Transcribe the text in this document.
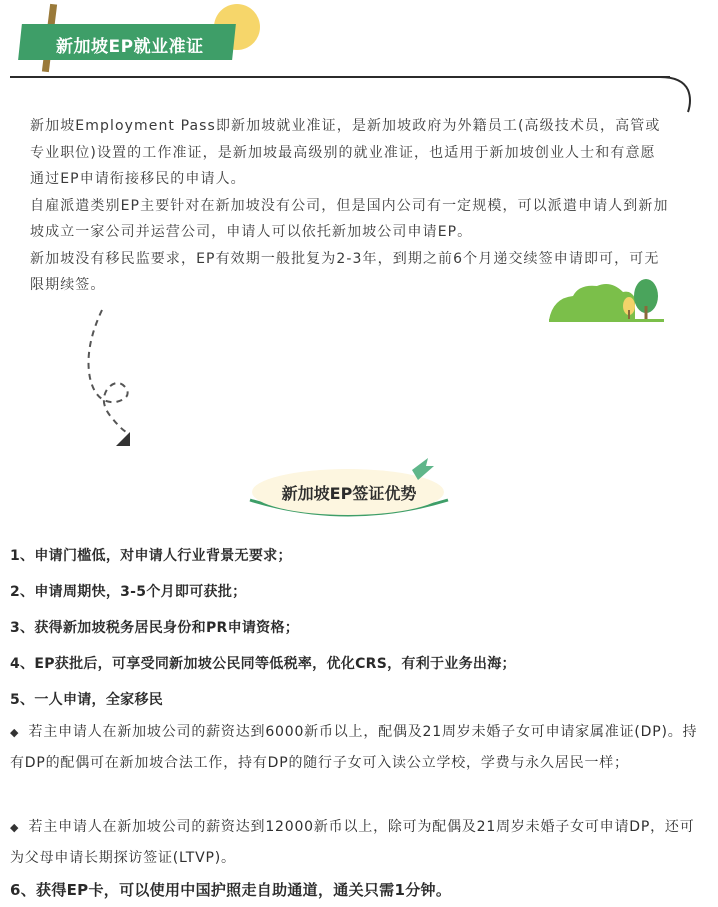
新加坡EP就业准证

新加坡Employment Pass即新加坡就业准证，是新加坡政府为外籍员工(高级技术员，高管或专业职位)设置的工作准证，是新加坡最高级别的就业准证，也适用于新加坡创业人士和有意愿通过EP申请衔接移民的申请人。

自雇派遣类别EP主要针对在新加坡没有公司，但是国内公司有一定规模，可以派遣申请人到新加坡成立一家公司并运营公司，申请人可以依托新加坡公司申请EP。

新加坡没有移民监要求，EP有效期一般批复为2-3年，到期之前6个月递交续签申请即可，可无限期续签。

新加坡EP签证优势
1、申请门槛低，对申请人行业背景无要求；
2、申请周期快，3-5个月即可获批；
3、获得新加坡税务居民身份和PR申请资格；
4、EP获批后，可享受同新加坡公民同等低税率，优化CRS，有利于业务出海；
5、一人申请，全家移民

◆ 若主申请人在新加坡公司的薪资达到6000新币以上，配偶及21周岁未婚子女可申请家属准证(DP)。持有DP的配偶可在新加坡合法工作，持有DP的随行子女可入读公立学校，学费与永久居民一样；

◆ 若主申请人在新加坡公司的薪资达到12000新币以上，除可为配偶及21周岁未婚子女可申请DP，还可为父母申请长期探访签证(LTVP)。

6、获得EP卡，可以使用中国护照走自助通道，通关只需1分钟。
